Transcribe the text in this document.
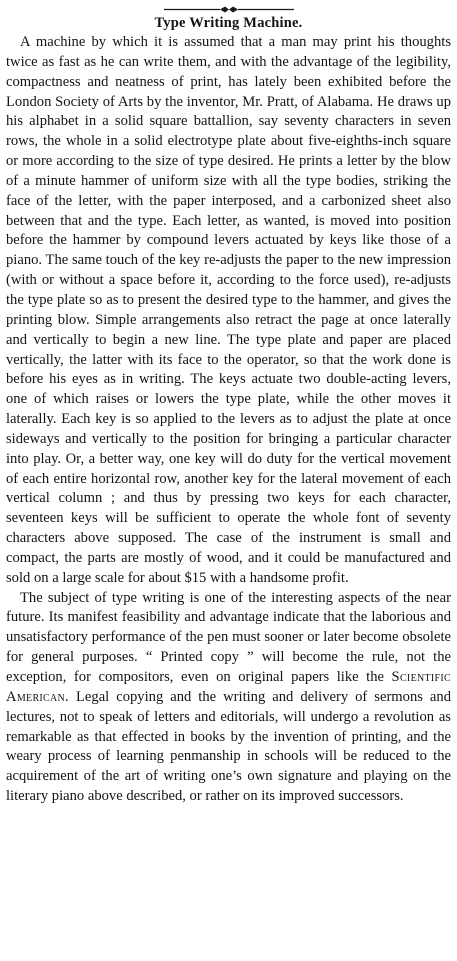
Type Writing Machine.

A machine by which it is assumed that a man may print his thoughts twice as fast as he can write them, and with the advantage of the legibility, compactness and neatness of print, has lately been exhibited before the London Society of Arts by the inventor, Mr. Pratt, of Alabama. He draws up his alphabet in a solid square battallion, say seventy characters in seven rows, the whole in a solid electrotype plate about five-eighths-inch square or more according to the size of type desired. He prints a letter by the blow of a minute hammer of uniform size with all the type bodies, striking the face of the letter, with the paper interposed, and a carbonized sheet also between that and the type. Each letter, as wanted, is moved into position before the hammer by compound levers actuated by keys like those of a piano. The same touch of the key re-adjusts the paper to the new impression (with or without a space before it, according to the force used), re-adjusts the type plate so as to present the desired type to the hammer, and gives the printing blow. Simple arrangements also retract the page at once laterally and vertically to begin a new line. The type plate and paper are placed vertically, the latter with its face to the operator, so that the work done is before his eyes as in writing. The keys actuate two double-acting levers, one of which raises or lowers the type plate, while the other moves it laterally. Each key is so applied to the levers as to adjust the plate at once sideways and vertically to the position for bringing a particular character into play. Or, a better way, one key will do duty for the vertical movement of each entire horizontal row, another key for the lateral movement of each vertical column ; and thus by pressing two keys for each character, seventeen keys will be sufficient to operate the whole font of seventy characters above supposed. The case of the instrument is small and compact, the parts are mostly of wood, and it could be manufactured and sold on a large scale for about $15 with a handsome profit.

The subject of type writing is one of the interesting aspects of the near future. Its manifest feasibility and advantage indicate that the laborious and unsatisfactory performance of the pen must sooner or later become obsolete for general purposes. “ Printed copy ” will become the rule, not the exception, for compositors, even on original papers like the Scientific American. Legal copying and the writing and delivery of sermons and lectures, not to speak of letters and editorials, will undergo a revolution as remarkable as that effected in books by the invention of printing, and the weary process of learning penmanship in schools will be reduced to the acquirement of the art of writing one’s own signature and playing on the literary piano above described, or rather on its improved successors.
